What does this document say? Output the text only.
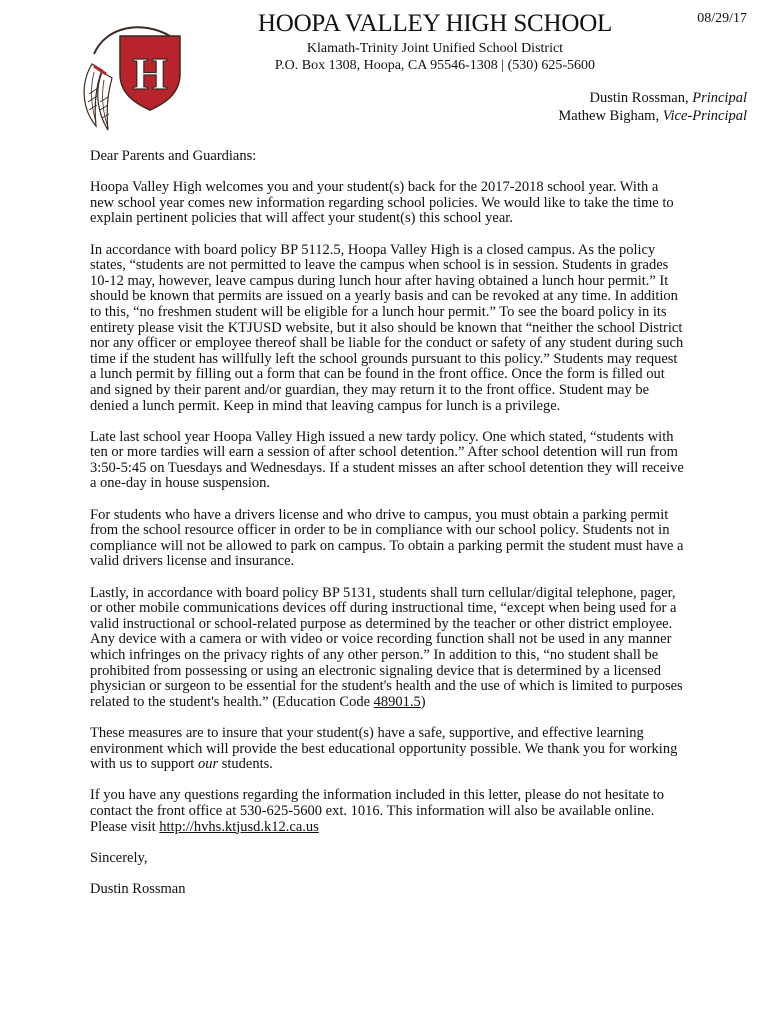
H
HOOPA VALLEY HIGH SCHOOL
Klamath-Trinity Joint Unified School District
P.O. Box 1308, Hoopa, CA 95546-1308 | (530) 625-5600
08/29/17
Dustin Rossman, Principal
Mathew Bigham, Vice-Principal

Dear Parents and Guardians:

Hoopa Valley High welcomes you and your student(s) back for the 2017-2018 school year. With a new school year comes new information regarding school policies. We would like to take the time to explain pertinent policies that will affect your student(s) this school year.

In accordance with board policy BP 5112.5, Hoopa Valley High is a closed campus. As the policy states, “students are not permitted to leave the campus when school is in session. Students in grades 10-12 may, however, leave campus during lunch hour after having obtained a lunch hour permit.” It should be known that permits are issued on a yearly basis and can be revoked at any time. In addition to this, “no freshmen student will be eligible for a lunch hour permit.” To see the board policy in its entirety please visit the KTJUSD website, but it also should be known that “neither the school District nor any officer or employee thereof shall be liable for the conduct or safety of any student during such time if the student has willfully left the school grounds pursuant to this policy.” Students may request a lunch permit by filling out a form that can be found in the front office. Once the form is filled out and signed by their parent and/or guardian, they may return it to the front office. Student may be denied a lunch permit. Keep in mind that leaving campus for lunch is a privilege.

Late last school year Hoopa Valley High issued a new tardy policy. One which stated, “students with ten or more tardies will earn a session of after school detention.” After school detention will run from 3:50-5:45 on Tuesdays and Wednesdays. If a student misses an after school detention they will receive a one-day in house suspension.

For students who have a drivers license and who drive to campus, you must obtain a parking permit from the school resource officer in order to be in compliance with our school policy. Students not in compliance will not be allowed to park on campus. To obtain a parking permit the student must have a valid drivers license and insurance.

Lastly, in accordance with board policy BP 5131, students shall turn cellular/digital telephone, pager, or other mobile communications devices off during instructional time, “except when being used for a valid instructional or school-related purpose as determined by the teacher or other district employee. Any device with a camera or with video or voice recording function shall not be used in any manner which infringes on the privacy rights of any other person.” In addition to this, “no student shall be prohibited from possessing or using an electronic signaling device that is determined by a licensed physician or surgeon to be essential for the student's health and the use of which is limited to purposes related to the student's health.” (Education Code 48901.5)

These measures are to insure that your student(s) have a safe, supportive, and effective learning environment which will provide the best educational opportunity possible. We thank you for working with us to support our students.

If you have any questions regarding the information included in this letter, please do not hesitate to contact the front office at 530-625-5600 ext. 1016. This information will also be available online. Please visit http://hvhs.ktjusd.k12.ca.us

Sincerely,

Dustin Rossman
